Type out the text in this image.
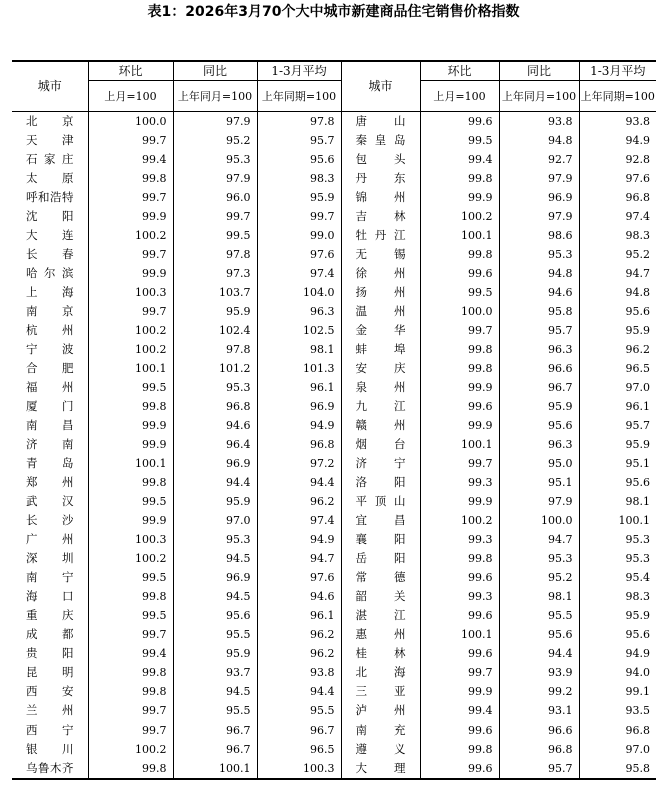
表1：2026年3月70个大中城市新建商品住宅销售价格指数
城市	环比	同比	1-3月平均	城市	环比	同比	1-3月平均
	上月=100	上年同月=100	上年同期=100		上月=100	上年同月=100	上年同期=100
北京	100.0	97.9	97.8	唐山	99.6	93.8	93.8
天津	99.7	95.2	95.7	秦皇岛	99.5	94.8	94.9
石家庄	99.4	95.3	95.6	包头	99.4	92.7	92.8
太原	99.8	97.9	98.3	丹东	99.8	97.9	97.6
呼和浩特	99.7	96.0	95.9	锦州	99.9	96.9	96.8
沈阳	99.9	99.7	99.7	吉林	100.2	97.9	97.4
大连	100.2	99.5	99.0	牡丹江	100.1	98.6	98.3
长春	99.7	97.8	97.6	无锡	99.8	95.3	95.2
哈尔滨	99.9	97.3	97.4	徐州	99.6	94.8	94.7
上海	100.3	103.7	104.0	扬州	99.5	94.6	94.8
南京	99.7	95.9	96.3	温州	100.0	95.8	95.6
杭州	100.2	102.4	102.5	金华	99.7	95.7	95.9
宁波	100.2	97.8	98.1	蚌埠	99.8	96.3	96.2
合肥	100.1	101.2	101.3	安庆	99.8	96.6	96.5
福州	99.5	95.3	96.1	泉州	99.9	96.7	97.0
厦门	99.8	96.8	96.9	九江	99.6	95.9	96.1
南昌	99.9	94.6	94.9	赣州	99.9	95.6	95.7
济南	99.9	96.4	96.8	烟台	100.1	96.3	95.9
青岛	100.1	96.9	97.2	济宁	99.7	95.0	95.1
郑州	99.8	94.4	94.4	洛阳	99.3	95.1	95.6
武汉	99.5	95.9	96.2	平顶山	99.9	97.9	98.1
长沙	99.9	97.0	97.4	宜昌	100.2	100.0	100.1
广州	100.3	95.3	94.9	襄阳	99.3	94.7	95.3
深圳	100.2	94.5	94.7	岳阳	99.8	95.3	95.3
南宁	99.5	96.9	97.6	常德	99.6	95.2	95.4
海口	99.8	94.5	94.6	韶关	99.3	98.1	98.3
重庆	99.5	95.6	96.1	湛江	99.6	95.5	95.9
成都	99.7	95.5	96.2	惠州	100.1	95.6	95.6
贵阳	99.4	95.9	96.2	桂林	99.6	94.4	94.9
昆明	99.8	93.7	93.8	北海	99.7	93.9	94.0
西安	99.8	94.5	94.4	三亚	99.9	99.2	99.1
兰州	99.7	95.5	95.5	泸州	99.4	93.1	93.5
西宁	99.7	96.7	96.7	南充	99.6	96.6	96.8
银川	100.2	96.7	96.5	遵义	99.8	96.8	97.0
乌鲁木齐	99.8	100.1	100.3	大理	99.6	95.7	95.8
